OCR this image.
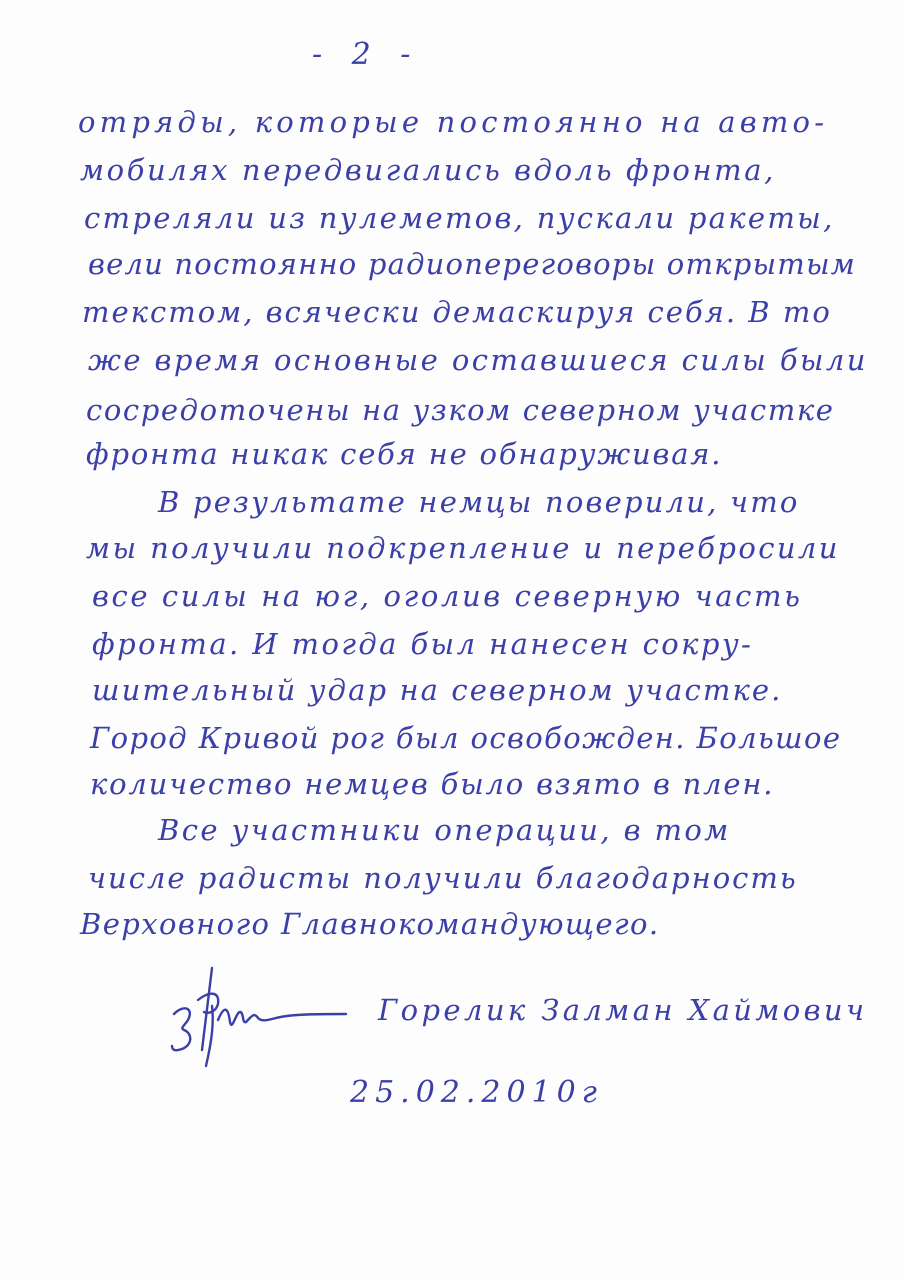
- 2 -
отряды, которые постоянно на авто-
мобилях передвигались вдоль фронта,
стреляли из пулеметов, пускали ракеты,
вели постоянно радиопереговоры открытым
текстом, всячески демаскируя себя. В то
же время основные оставшиеся силы были
сосредоточены на узком северном участке
фронта никак себя не обнаруживая.
В результате немцы поверили, что
мы получили подкрепление и перебросили
все силы на юг, оголив северную часть
фронта. И тогда был нанесен сокру-
шительный удар на северном участке.
Город Кривой рог был освобожден. Большое
количество немцев было взято в плен.
Все участники операции, в том
числе радисты получили благодарность
Верховного Главнокомандующего.
Горелик Залман Хаймович
25.02.2010г
